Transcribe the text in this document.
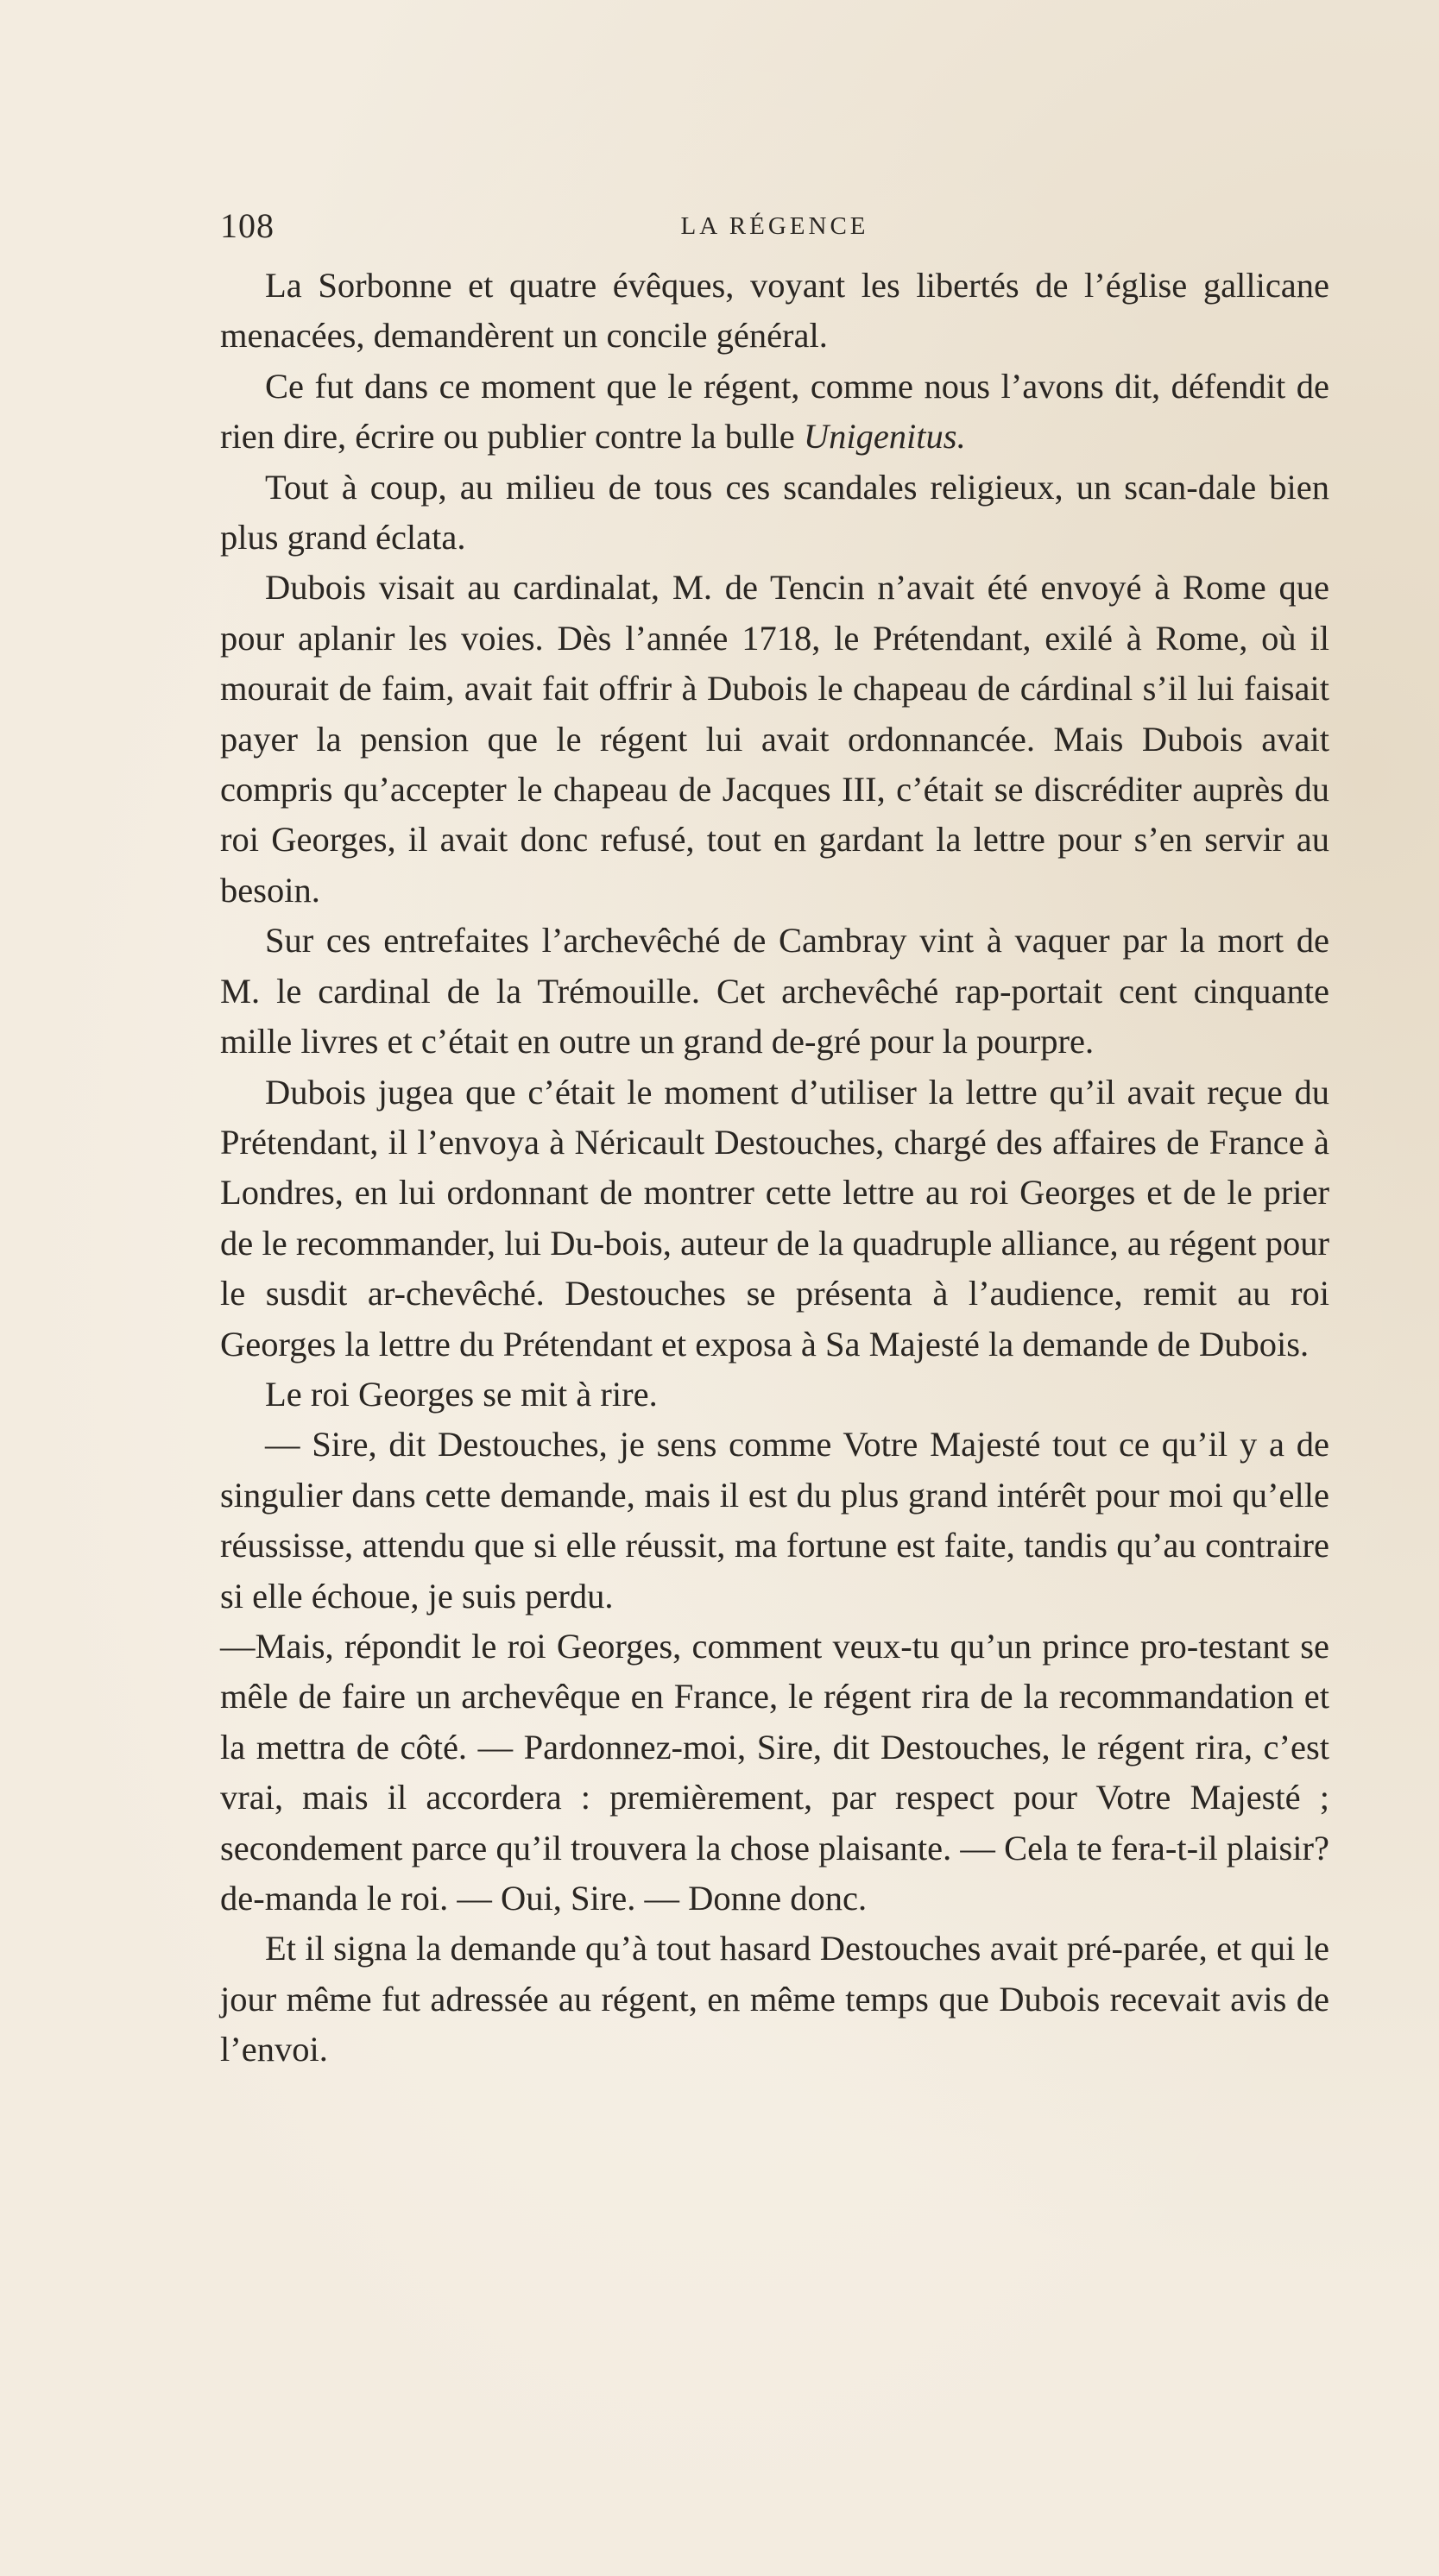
108	LA RÉGENCE

La Sorbonne et quatre évêques, voyant les libertés de l’église gallicane menacées, demandèrent un concile général.

Ce fut dans ce moment que le régent, comme nous l’avons dit, défendit de rien dire, écrire ou publier contre la bulle Unigenitus.

Tout à coup, au milieu de tous ces scandales religieux, un scan-dale bien plus grand éclata.

Dubois visait au cardinalat, M. de Tencin n’avait été envoyé à Rome que pour aplanir les voies. Dès l’année 1718, le Prétendant, exilé à Rome, où il mourait de faim, avait fait offrir à Dubois le chapeau de cárdinal s’il lui faisait payer la pension que le régent lui avait ordonnancée. Mais Dubois avait compris qu’accepter le chapeau de Jacques III, c’était se discréditer auprès du roi Georges, il avait donc refusé, tout en gardant la lettre pour s’en servir au besoin.

Sur ces entrefaites l’archevêché de Cambray vint à vaquer par la mort de M. le cardinal de la Trémouille. Cet archevêché rap-portait cent cinquante mille livres et c’était en outre un grand de-gré pour la pourpre.

Dubois jugea que c’était le moment d’utiliser la lettre qu’il avait reçue du Prétendant, il l’envoya à Néricault Destouches, chargé des affaires de France à Londres, en lui ordonnant de montrer cette lettre au roi Georges et de le prier de le recommander, lui Du-bois, auteur de la quadruple alliance, au régent pour le susdit ar-chevêché. Destouches se présenta à l’audience, remit au roi Georges la lettre du Prétendant et exposa à Sa Majesté la demande de Dubois.

Le roi Georges se mit à rire.

— Sire, dit Destouches, je sens comme Votre Majesté tout ce qu’il y a de singulier dans cette demande, mais il est du plus grand intérêt pour moi qu’elle réussisse, attendu que si elle réussit, ma fortune est faite, tandis qu’au contraire si elle échoue, je suis perdu.

—Mais, répondit le roi Georges, comment veux-tu qu’un prince pro-testant se mêle de faire un archevêque en France, le régent rira de la recommandation et la mettra de côté. — Pardonnez-moi, Sire, dit Destouches, le régent rira, c’est vrai, mais il accordera : premièrement, par respect pour Votre Majesté ; secondement parce qu’il trouvera la chose plaisante. — Cela te fera-t-il plaisir? de-manda le roi. — Oui, Sire. — Donne donc.

Et il signa la demande qu’à tout hasard Destouches avait pré-parée, et qui le jour même fut adressée au régent, en même temps que Dubois recevait avis de l’envoi.
